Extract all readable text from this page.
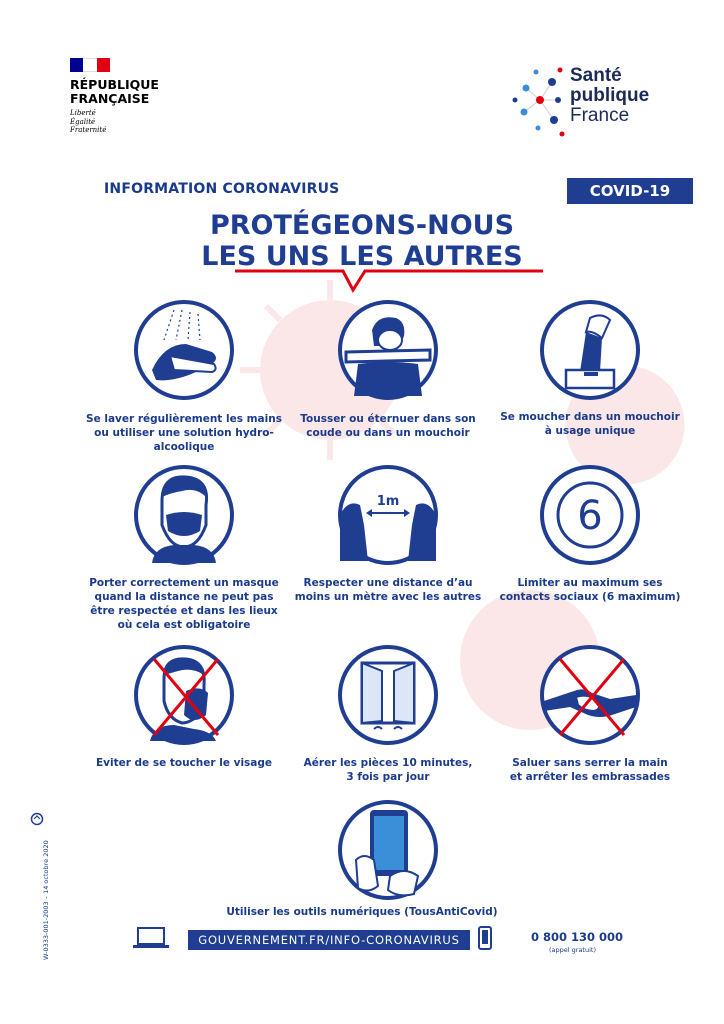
RÉPUBLIQUE
FRANÇAISE
Liberté
Égalité
Fraternité
Santé
publique
France
INFORMATION CORONAVIRUS	COVID-19
PROTÉGEONS-NOUS
LES UNS LES AUTRES
1m	6
Se laver régulièrement les mains
ou utiliser une solution hydro-
alcoolique
Tousser ou éternuer dans son
coude ou dans un mouchoir
Se moucher dans un mouchoir
à usage unique
Porter correctement un masque
quand la distance ne peut pas
être respectée et dans les lieux
où cela est obligatoire
Respecter une distance d’au
moins un mètre avec les autres
Limiter au maximum ses
contacts sociaux (6 maximum)
Eviter de se toucher le visage	Aérer les pièces 10 minutes,
3 fois par jour
Saluer sans serrer la main
et arrêter les embrassades
Utiliser les outils numériques (TousAntiCovid)
GOUVERNEMENT.FR/INFO-CORONAVIRUS	0 800 130 000
(appel gratuit)
W-0333-001-2003 – 14 octobre 2020
